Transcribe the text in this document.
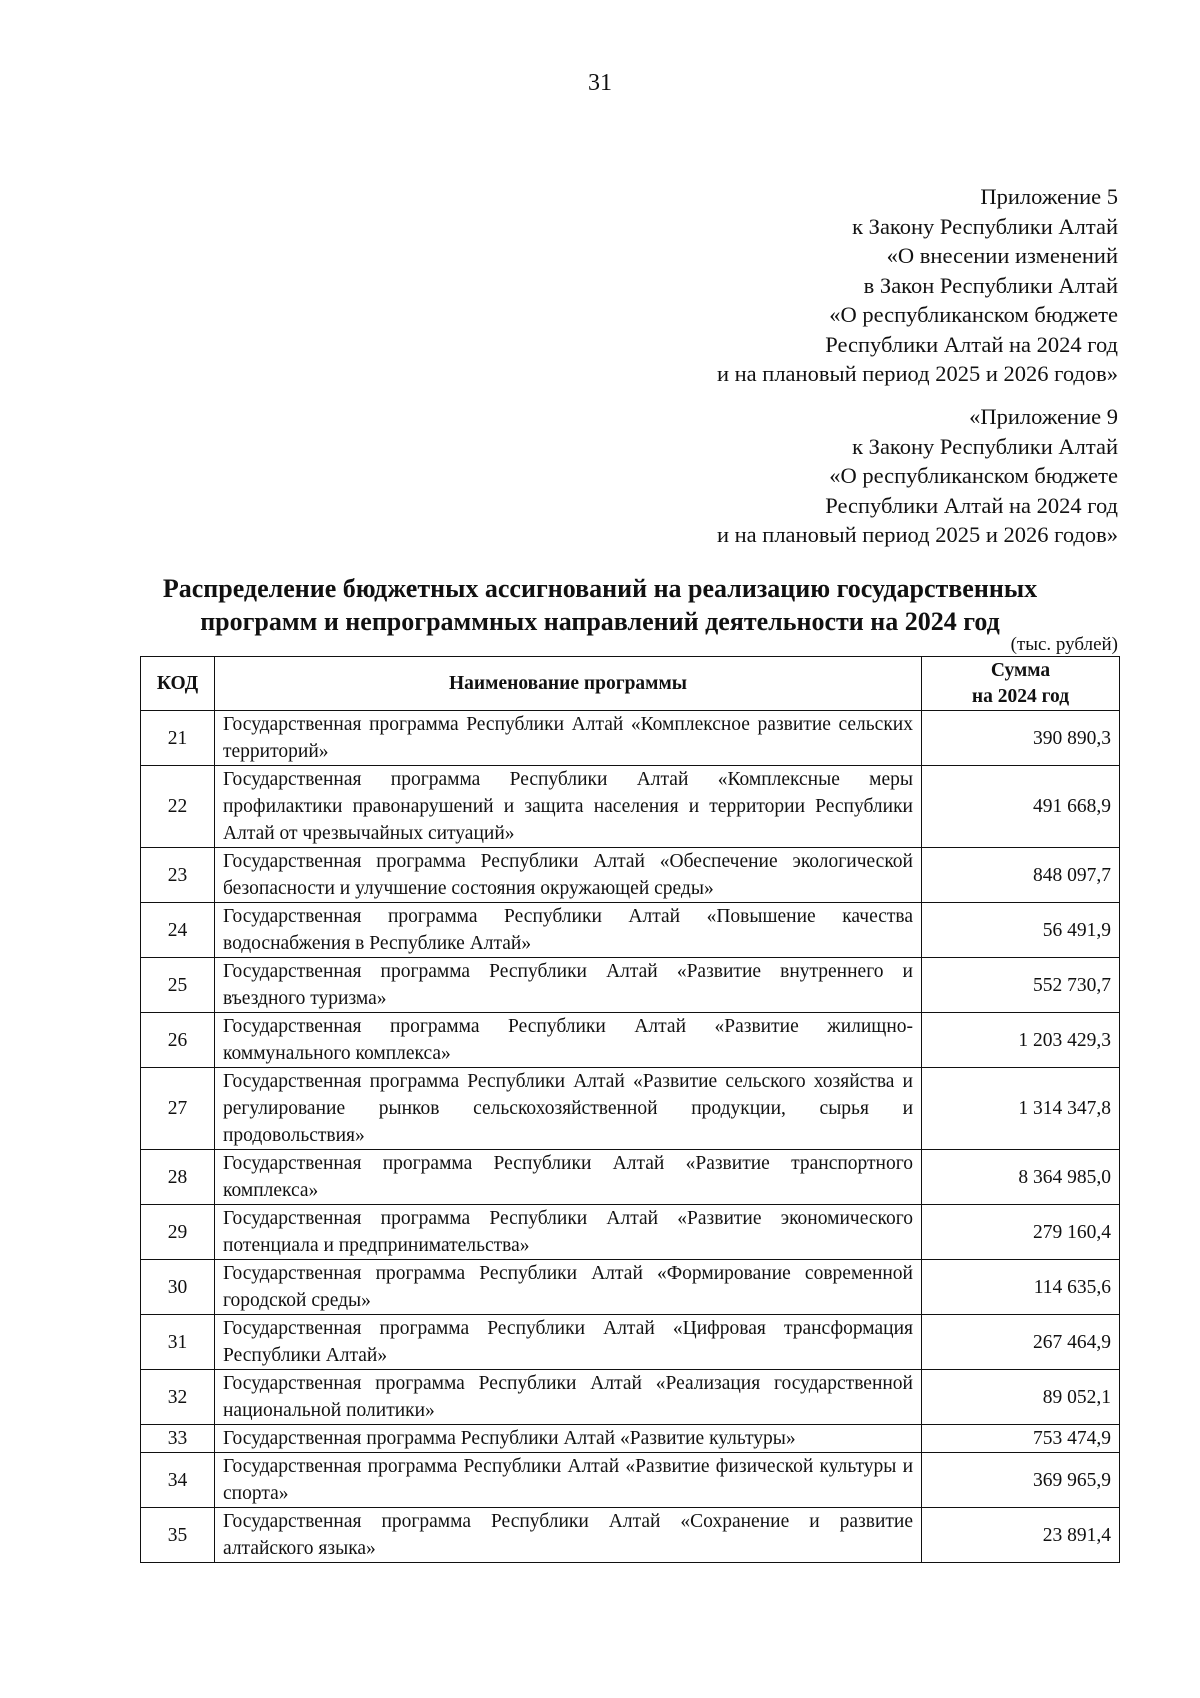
31
Приложение 5
к Закону Республики Алтай
«О внесении изменений
в Закон Республики Алтай
«О республиканском бюджете
Республики Алтай на 2024 год
и на плановый период 2025 и 2026 годов»
«Приложение 9
к Закону Республики Алтай
«О республиканском бюджете
Республики Алтай на 2024 год
и на плановый период 2025 и 2026 годов»
Распределение бюджетных ассигнований на реализацию государственных
программ и непрограммных направлений деятельности на 2024 год
(тыс. рублей)
КОД	Наименование программы	Сумма
на 2024 год
21	Государственная программа Республики Алтай «Комплексное развитие сельских территорий»	390 890,3
22	Государственная программа Республики Алтай «Комплексные меры профилактики правонарушений и защита населения и территории Республики Алтай от чрезвычайных ситуаций»	491 668,9
23	Государственная программа Республики Алтай «Обеспечение экологической безопасности и улучшение состояния окружающей среды»	848 097,7
24	Государственная программа Республики Алтай «Повышение качества водоснабжения в Республике Алтай»	56 491,9
25	Государственная программа Республики Алтай «Развитие внутреннего и въездного туризма»	552 730,7
26	Государственная программа Республики Алтай «Развитие жилищно-коммунального комплекса»	1 203 429,3
27	Государственная программа Республики Алтай «Развитие сельского хозяйства и регулирование рынков сельскохозяйственной продукции, сырья и продовольствия»	1 314 347,8
28	Государственная программа Республики Алтай «Развитие транспортного комплекса»	8 364 985,0
29	Государственная программа Республики Алтай «Развитие экономического потенциала и предпринимательства»	279 160,4
30	Государственная программа Республики Алтай «Формирование современной городской среды»	114 635,6
31	Государственная программа Республики Алтай «Цифровая трансформация Республики Алтай»	267 464,9
32	Государственная программа Республики Алтай «Реализация государственной национальной политики»	89 052,1
33	Государственная программа Республики Алтай «Развитие культуры»	753 474,9
34	Государственная программа Республики Алтай «Развитие физической культуры и спорта»	369 965,9
35	Государственная программа Республики Алтай «Сохранение и развитие алтайского языка»	23 891,4
